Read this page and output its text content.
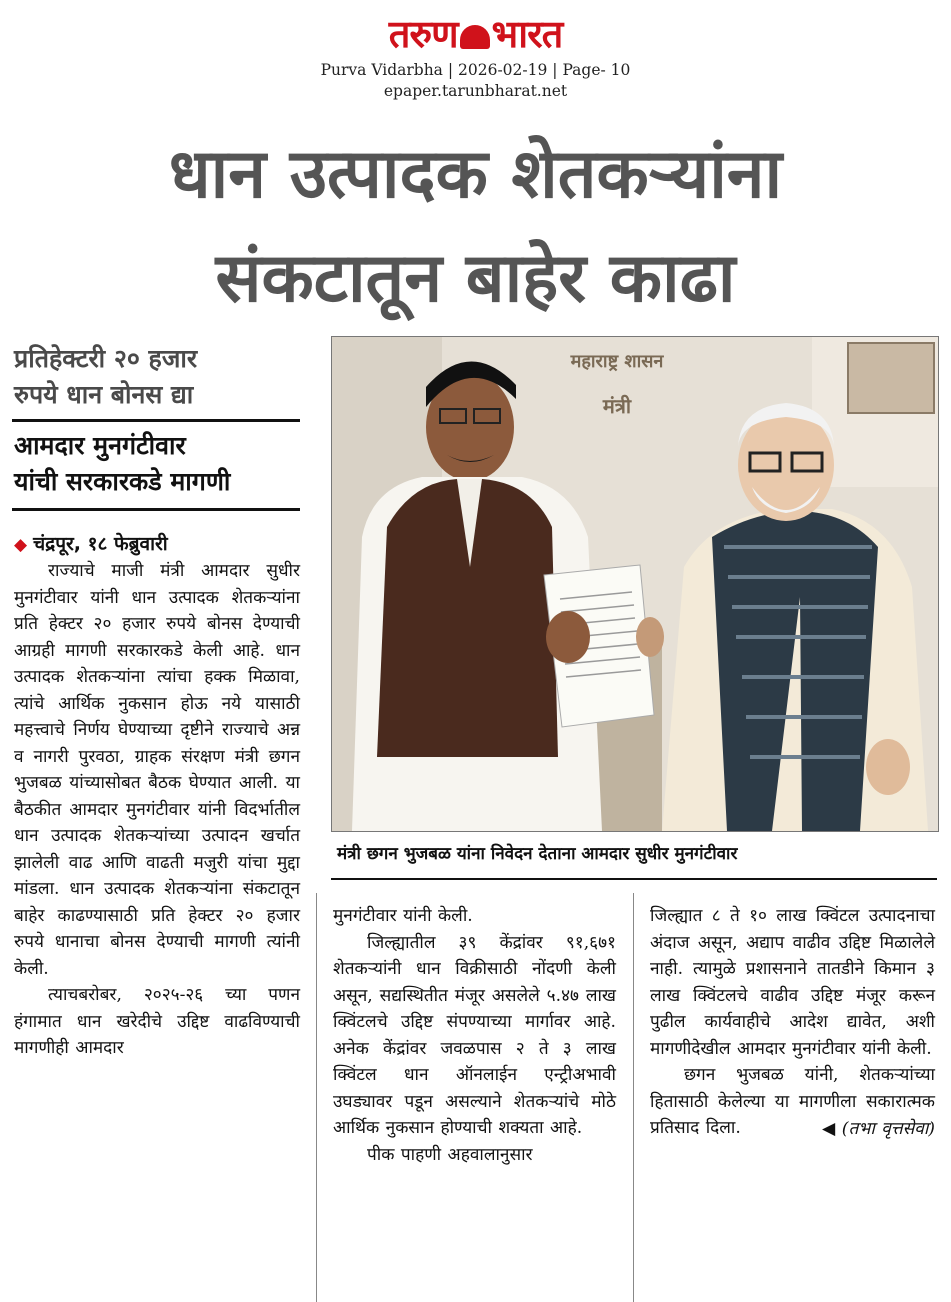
तरुण भारत
Purva Vidarbha | 2026-02-19 | Page- 10
epaper.tarunbharat.net
धान उत्पादक शेतकऱ्यांना
संकटातून बाहेर काढा
प्रतिहेक्टरी २० हजार
रुपये धान बोनस द्या
आमदार मुनगंटीवार
यांची सरकारकडे मागणी
◆ चंद्रपूर, १८ फेब्रुवारी

राज्याचे माजी मंत्री आमदार सुधीर मुनगंटीवार यांनी धान उत्पादक शेतकऱ्यांना प्रति हेक्टर २० हजार रुपये बोनस देण्याची आग्रही मागणी सरकारकडे केली आहे. धान उत्पादक शेतकऱ्यांना त्यांचा हक्क मिळावा, त्यांचे आर्थिक नुकसान होऊ नये यासाठी महत्त्वाचे निर्णय घेण्याच्या दृष्टीने राज्याचे अन्न व नागरी पुरवठा, ग्राहक संरक्षण मंत्री छगन भुजबळ यांच्यासोबत बैठक घेण्यात आली. या बैठकीत आमदार मुनगंटीवार यांनी विदर्भातील धान उत्पादक शेतकऱ्यांच्या उत्पादन खर्चात झालेली वाढ आणि वाढती मजुरी यांचा मुद्दा मांडला. धान उत्पादक शेतकऱ्यांना संकटातून बाहेर काढण्यासाठी प्रति हेक्टर २० हजार रुपये धानाचा बोनस देण्याची मागणी त्यांनी केली.

त्याचबरोबर, २०२५-२६ च्या पणन हंगामात धान खरेदीचे उद्दिष्ट वाढविण्याची मागणीही आमदार

महाराष्ट्र शासन
मंत्री
मंत्री छगन भुजबळ यांना निवेदन देताना आमदार सुधीर मुनगंटीवार

मुनगंटीवार यांनी केली.

जिल्ह्यातील ३९ केंद्रांवर ९१,६७१ शेतकऱ्यांनी धान विक्रीसाठी नोंदणी केली असून, सद्यस्थितीत मंजूर असलेले ५.४७ लाख क्विंटलचे उद्दिष्ट संपण्याच्या मार्गावर आहे. अनेक केंद्रांवर जवळपास २ ते ३ लाख क्विंटल धान ऑनलाईन एन्ट्रीअभावी उघड्यावर पडून असल्याने शेतकऱ्यांचे मोठे आर्थिक नुकसान होण्याची शक्यता आहे.

पीक पाहणी अहवालानुसार

जिल्ह्यात ८ ते १० लाख क्विंटल उत्पादनाचा अंदाज असून, अद्याप वाढीव उद्दिष्ट मिळालेले नाही. त्यामुळे प्रशासनाने तातडीने किमान ३ लाख क्विंटलचे वाढीव उद्दिष्ट मंजूर करून पुढील कार्यवाहीचे आदेश द्यावेत, अशी मागणीदेखील आमदार मुनगंटीवार यांनी केली.

छगन भुजबळ यांनी, शेतकऱ्यांच्या हितासाठी केलेल्या या मागणीला सकारात्मक प्रतिसाद दिला.	◀ (तभा वृत्तसेवा)
